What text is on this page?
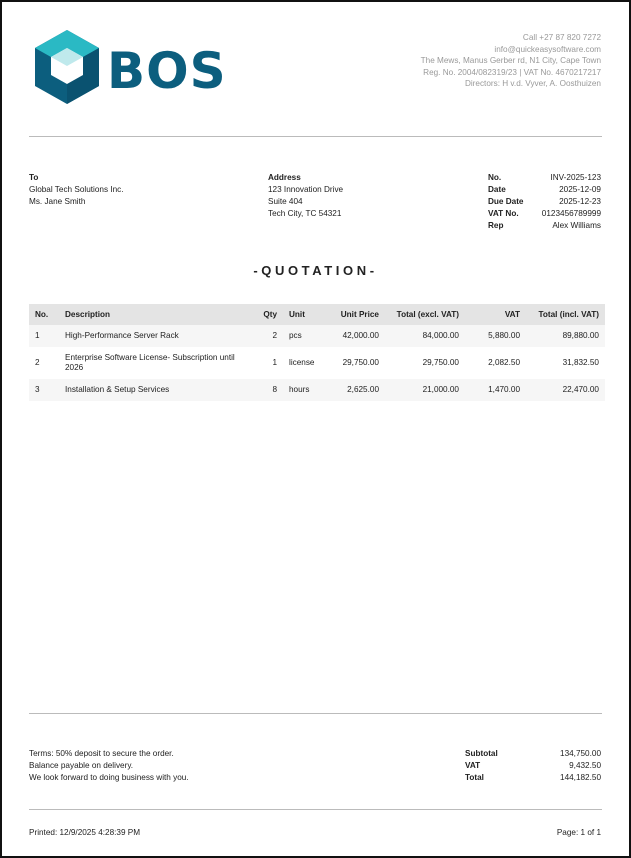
BOS
Call +27 87 820 7272
info@quickeasysoftware.com
The Mews, Manus Gerber rd, N1 City, Cape Town
Reg. No. 2004/082319/23 | VAT No. 4670217217
Directors: H v.d. Vyver, A. Oosthuizen
To
Global Tech Solutions Inc.
Ms. Jane Smith
Address
123 Innovation Drive
Suite 404
Tech City, TC 54321
No.	INV-2025-123
Date	2025-12-09
Due Date	2025-12-23
VAT No.	0123456789999
Rep	Alex Williams
-QUOTATION-
No.	Description	Qty	Unit	Unit Price	Total (excl. VAT)	VAT	Total (incl. VAT)
1	High-Performance Server Rack	2	pcs	42,000.00	84,000.00	5,880.00	89,880.00
2	Enterprise Software License- Subscription until 2026	1	license	29,750.00	29,750.00	2,082.50	31,832.50
3	Installation & Setup Services	8	hours	2,625.00	21,000.00	1,470.00	22,470.00
Terms: 50% deposit to secure the order.
Balance payable on delivery.
We look forward to doing business with you.
Subtotal	134,750.00
VAT	9,432.50
Total	144,182.50
Printed: 12/9/2025 4:28:39 PM	Page: 1 of 1
